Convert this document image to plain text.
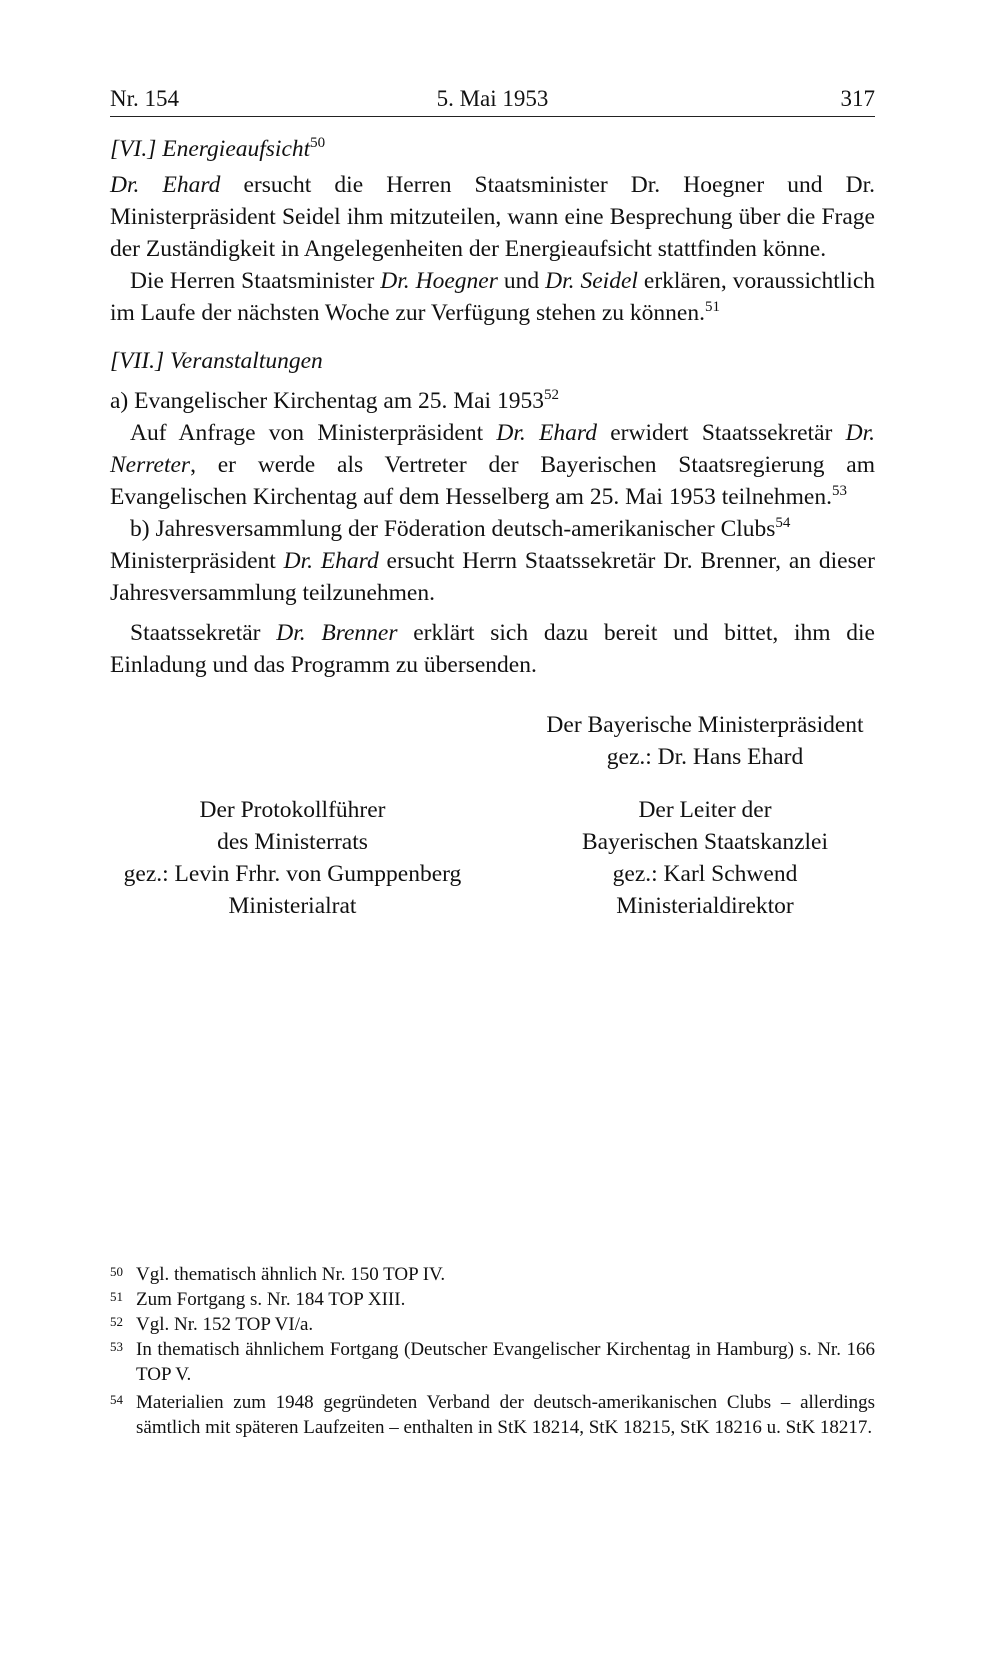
Nr. 154	5. Mai 1953	317

[VI.] Energieaufsicht$^{50}$

Dr. Ehard ersucht die Herren Staatsminister Dr. Hoegner und Dr. Ministerpräsident Seidel ihm mitzuteilen, wann eine Besprechung über die Frage der Zuständigkeit in Angelegenheiten der Energieaufsicht stattfinden könne.

Die Herren Staatsminister Dr. Hoegner und Dr. Seidel erklären, voraussichtlich im Laufe der nächsten Woche zur Verfügung stehen zu können.$^{51}$

[VII.] Veranstaltungen

a) Evangelischer Kirchentag am 25. Mai 1953$^{52}$

Auf Anfrage von Ministerpräsident Dr. Ehard erwidert Staatssekretär Dr. Nerreter, er werde als Vertreter der Bayerischen Staatsregierung am Evangelischen Kirchentag auf dem Hesselberg am 25. Mai 1953 teilnehmen.$^{53}$

b) Jahresversammlung der Föderation deutsch-amerikanischer Clubs$^{54}$

Ministerpräsident Dr. Ehard ersucht Herrn Staatssekretär Dr. Brenner, an dieser Jahresversammlung teilzunehmen.

Staatssekretär Dr. Brenner erklärt sich dazu bereit und bittet, ihm die Einladung und das Programm zu übersenden.

Der Bayerische Ministerpräsident
gez.: Dr. Hans Ehard
Der Protokollführer
des Ministerrats
gez.: Levin Frhr. von Gumppenberg
Ministerialrat
Der Leiter der
Bayerischen Staatskanzlei
gez.: Karl Schwend
Ministerialdirektor
50 Vgl. thematisch ähnlich Nr. 150 TOP IV.
51 Zum Fortgang s. Nr. 184 TOP XIII.
52 Vgl. Nr. 152 TOP VI/a.
53 In thematisch ähnlichem Fortgang (Deutscher Evangelischer Kirchentag in Hamburg) s. Nr. 166 TOP V.
54 Materialien zum 1948 gegründeten Verband der deutsch-amerikanischen Clubs – allerdings sämtlich mit späteren Laufzeiten – enthalten in StK 18214, StK 18215, StK 18216 u. StK 18217.
